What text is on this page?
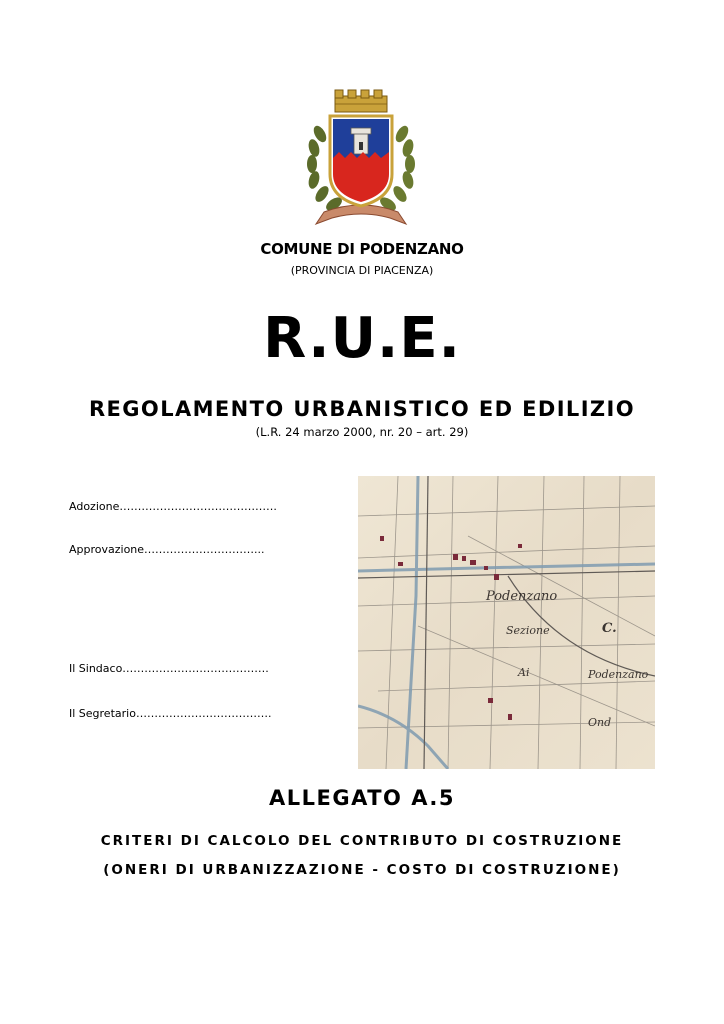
COMUNE DI PODENZANO
(PROVINCIA DI PIACENZA)
R.U.E.
REGOLAMENTO URBANISTICO ED EDILIZIO
(L.R. 24 marzo 2000, nr. 20 – art. 29)
Adozione…………………………………….
Approvazione…………………………...
Il Sindaco………………………………….
Il Segretario……………………………….
Podenzano
Sezione	C.
Ai	Podenzano
Ond
ALLEGATO A.5
CRITERI DI CALCOLO DEL CONTRIBUTO DI COSTRUZIONE
(ONERI DI URBANIZZAZIONE - COSTO DI COSTRUZIONE)
